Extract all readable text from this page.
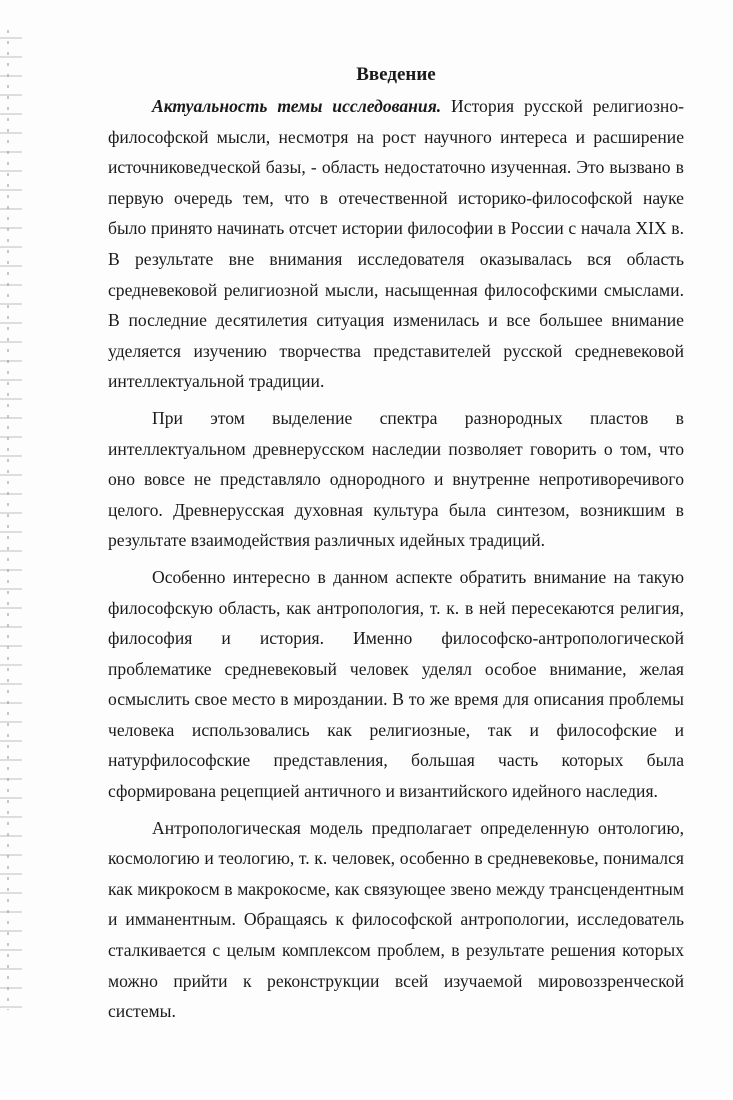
Введение

Актуальность темы исследования. История русской религиозно-философской мысли, несмотря на рост научного интереса и расширение источниковедческой базы, - область недостаточно изученная. Это вызвано в первую очередь тем, что в отечественной историко-философской науке было принято начинать отсчет истории философии в России с начала XIX в. В результате вне внимания исследователя оказывалась вся область средневековой религиозной мысли, насыщенная философскими смыслами. В последние десятилетия ситуация изменилась и все большее внимание уделяется изучению творчества представителей русской средневековой интеллектуальной традиции.

При этом выделение спектра разнородных пластов в интеллектуальном древнерусском наследии позволяет говорить о том, что оно вовсе не представляло однородного и внутренне непротиворечивого целого. Древнерусская духовная культура была синтезом, возникшим в результате взаимодействия различных идейных традиций.

Особенно интересно в данном аспекте обратить внимание на такую философскую область, как антропология, т. к. в ней пересекаются религия, философия и история. Именно философско-антропологической проблематике средневековый человек уделял особое внимание, желая осмыслить свое место в мироздании. В то же время для описания проблемы человека использовались как религиозные, так и философские и натурфилософские представления, большая часть которых была сформирована рецепцией античного и византийского идейного наследия.

Антропологическая модель предполагает определенную онтологию, космологию и теологию, т. к. человек, особенно в средневековье, понимался как микрокосм в макрокосме, как связующее звено между трансцендентным и имманентным. Обращаясь к философской антропологии, исследователь сталкивается с целым комплексом проблем, в результате решения которых можно прийти к реконструкции всей изучаемой мировоззренческой системы.
